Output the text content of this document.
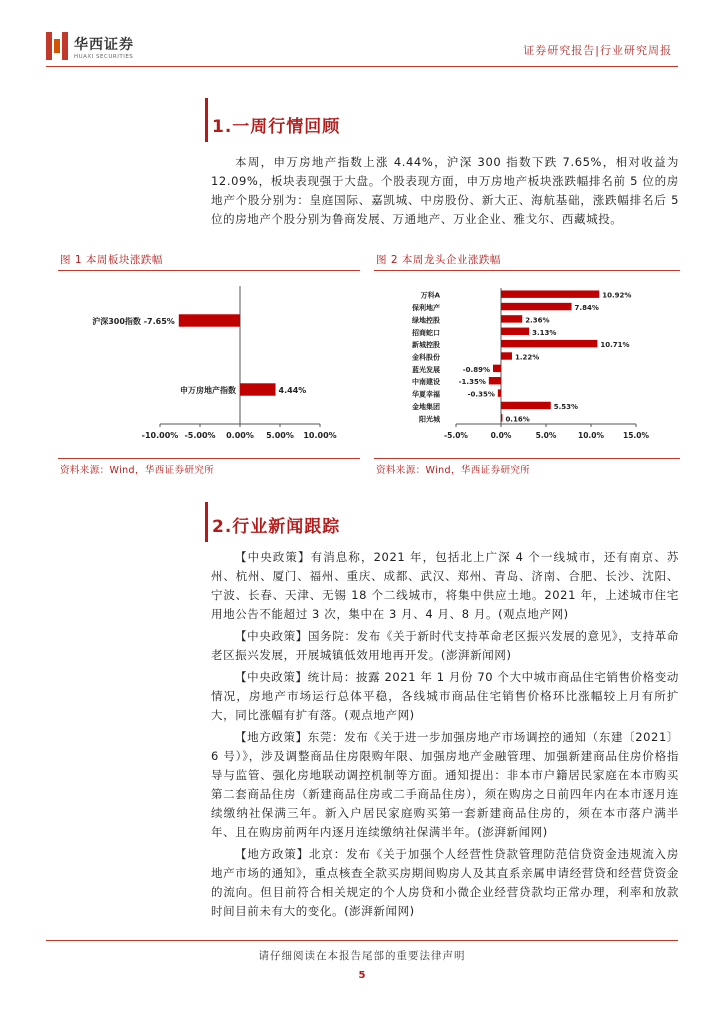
华西证券
HUAXI SECURITIES	证券研究报告|行业研究周报
1.一周行情回顾
本周，申万房地产指数上涨 4.44%，沪深 300 指数下跌 7.65%，相对收益为 12.09%，板块表现强于大盘。个股表现方面，申万房地产板块涨跌幅排名前 5 位的房地产个股分别为：皇庭国际、嘉凯城、中房股份、新大正、海航基础，涨跌幅排名后 5 位的房地产个股分别为鲁商发展、万通地产、万业企业、雅戈尔、西藏城投。
图 1 本周板块涨跌幅	图 2 本周龙头企业涨跌幅
-10.00% -5.00% 0.00% 5.00% 10.00%
沪深300指数 -7.65%
申万房地产指数	4.44%
-5.0%	0.0%	5.0%	10.0%	15.0%
万科A	10.92%
保利地产	7.84%
绿地控股	2.36%
招商蛇口	3.13%
新城控股	10.71%
金科股份	1.22%
蓝光发展	-0.89%
中南建设	-1.35%
华夏幸福	-0.35%
金地集团	5.53%
阳光城	0.16%
资料来源：Wind，华西证券研究所	资料来源：Wind，华西证券研究所
2.行业新闻跟踪
【中央政策】有消息称，2021 年，包括北上广深 4 个一线城市，还有南京、苏州、杭州、厦门、福州、重庆、成都、武汉、郑州、青岛、济南、合肥、长沙、沈阳、宁波、长春、天津、无锡 18 个二线城市，将集中供应土地。2021 年，上述城市住宅用地公告不能超过 3 次，集中在 3 月、4 月、8 月。(观点地产网)
【中央政策】国务院：发布《关于新时代支持革命老区振兴发展的意见》，支持革命老区振兴发展，开展城镇低效用地再开发。(澎湃新闻网)
【中央政策】统计局：披露 2021 年 1 月份 70 个大中城市商品住宅销售价格变动情况，房地产市场运行总体平稳，各线城市商品住宅销售价格环比涨幅较上月有所扩大，同比涨幅有扩有落。(观点地产网)
【地方政策】东莞：发布《关于进一步加强房地产市场调控的通知（东建〔2021〕6 号）》，涉及调整商品住房限购年限、加强房地产金融管理、加强新建商品住房价格指导与监管、强化房地联动调控机制等方面。通知提出：非本市户籍居民家庭在本市购买第二套商品住房（新建商品住房或二手商品住房），须在购房之日前四年内在本市逐月连续缴纳社保满三年。新入户居民家庭购买第一套新建商品住房的，须在本市落户满半年、且在购房前两年内逐月连续缴纳社保满半年。(澎湃新闻网)
【地方政策】北京：发布《关于加强个人经营性贷款管理防范信贷资金违规流入房地产市场的通知》，重点核查全款买房期间购房人及其直系亲属申请经营贷和经营贷资金的流向。但目前符合相关规定的个人房贷和小微企业经营贷款均正常办理，利率和放款时间目前未有大的变化。(澎湃新闻网)
请仔细阅读在本报告尾部的重要法律声明
5
